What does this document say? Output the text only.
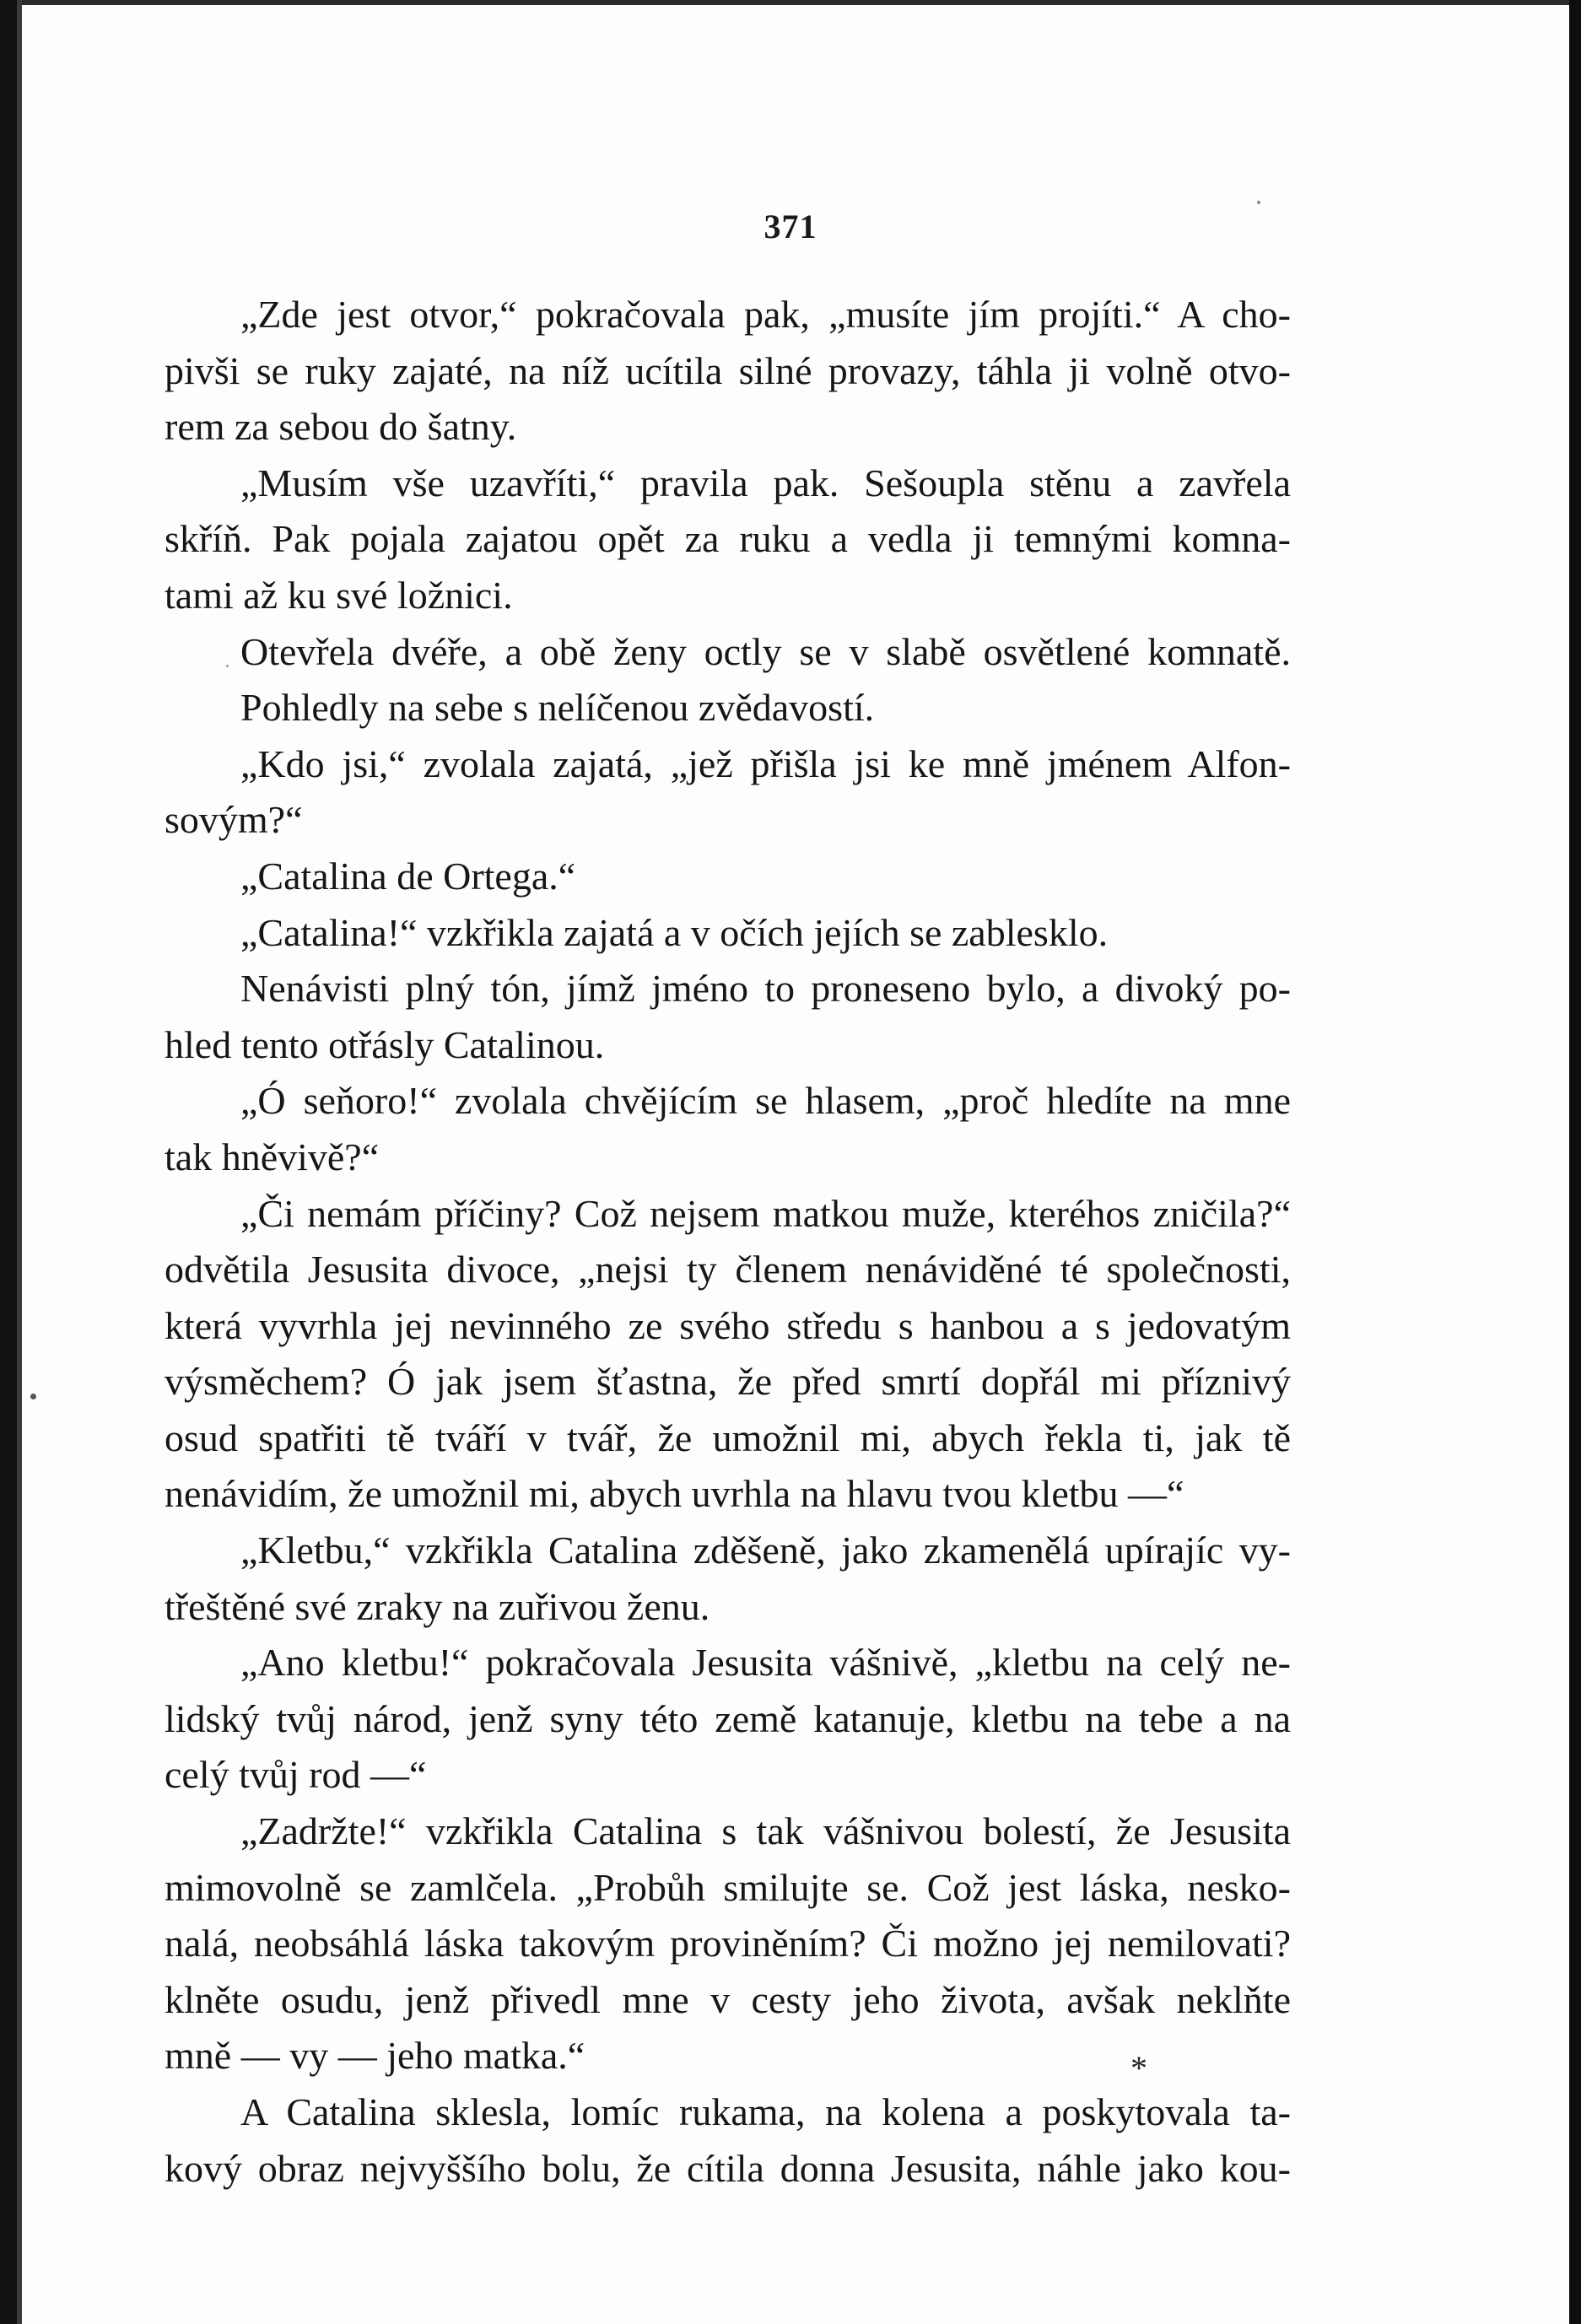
371
„Zde jest otvor,“ pokračovala pak, „musíte jím projíti.“ A cho-
pivši se ruky zajaté, na níž ucítila silné provazy, táhla ji volně otvo-
rem za sebou do šatny.
„Musím vše uzavříti,“ pravila pak. Sešoupla stěnu a zavřela
skříň. Pak pojala zajatou opět za ruku a vedla ji temnými komna-
tami až ku své ložnici.
Otevřela dvéře, a obě ženy octly se v slabě osvětlené komnatě.
Pohledly na sebe s nelíčenou zvědavostí.
„Kdo jsi,“ zvolala zajatá, „jež přišla jsi ke mně jménem Alfon-
sovým?“
„Catalina de Ortega.“
„Catalina!“ vzkřikla zajatá a v očích jejích se zablesklo.
Nenávisti plný tón, jímž jméno to proneseno bylo, a divoký po-
hled tento otřásly Catalinou.
„Ó seňoro!“ zvolala chvějícím se hlasem, „proč hledíte na mne
tak hněvivě?“
„Či nemám příčiny? Což nejsem matkou muže, kteréhos zničila?“
odvětila Jesusita divoce, „nejsi ty členem nenáviděné té společnosti,
která vyvrhla jej nevinného ze svého středu s hanbou a s jedovatým
výsměchem? Ó jak jsem šťastna, že před smrtí dopřál mi příznivý
osud spatřiti tě tváří v tvář, že umožnil mi, abych řekla ti, jak tě
nenávidím, že umožnil mi, abych uvrhla na hlavu tvou kletbu —“
„Kletbu,“ vzkřikla Catalina zděšeně, jako zkamenělá upírajíc vy-
třeštěné své zraky na zuřivou ženu.
„Ano kletbu!“ pokračovala Jesusita vášnivě, „kletbu na celý ne-
lidský tvůj národ, jenž syny této země katanuje, kletbu na tebe a na
celý tvůj rod —“
„Zadržte!“ vzkřikla Catalina s tak vášnivou bolestí, že Jesusita
mimovolně se zamlčela. „Probůh smilujte se. Což jest láska, nesko-
nalá, neobsáhlá láska takovým proviněním? Či možno jej nemilovati?
klněte osudu, jenž přivedl mne v cesty jeho života, avšak neklňte
mně — vy — jeho matka.“
A Catalina sklesla, lomíc rukama, na kolena a poskytovala ta-
kový obraz nejvyššího bolu, že cítila donna Jesusita, náhle jako kou-
*
